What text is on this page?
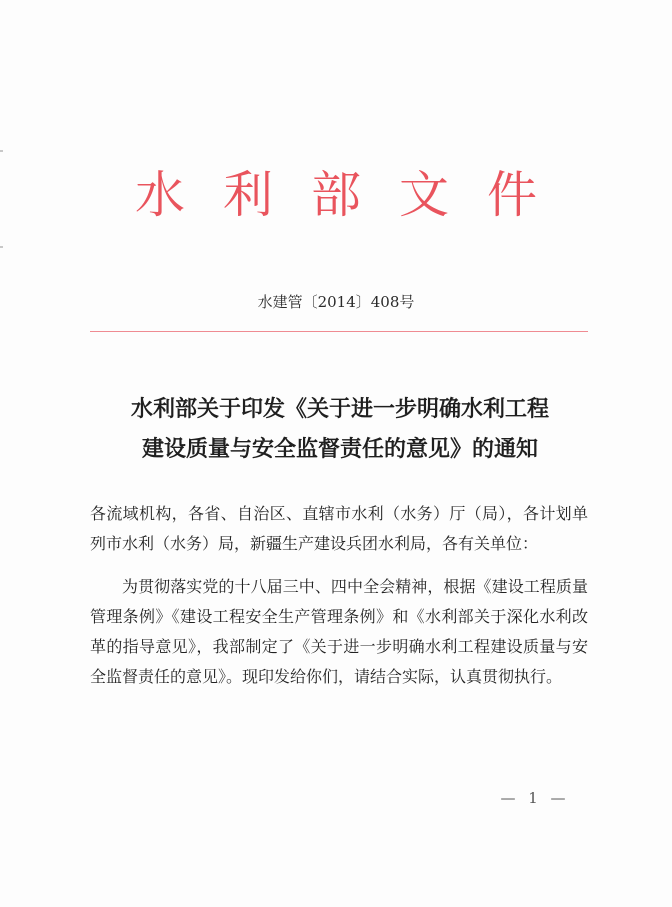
水利部文件
水建管〔2014〕408号
水利部关于印发《关于进一步明确水利工程
建设质量与安全监督责任的意见》的通知

各流域机构，各省、自治区、直辖市水利（水务）厅（局），各计划单列市水利（水务）局，新疆生产建设兵团水利局，各有关单位：

为贯彻落实党的十八届三中、四中全会精神，根据《建设工程质量管理条例》《建设工程安全生产管理条例》和《水利部关于深化水利改革的指导意见》，我部制定了《关于进一步明确水利工程建设质量与安全监督责任的意见》。现印发给你们，请结合实际，认真贯彻执行。

— 1 —
